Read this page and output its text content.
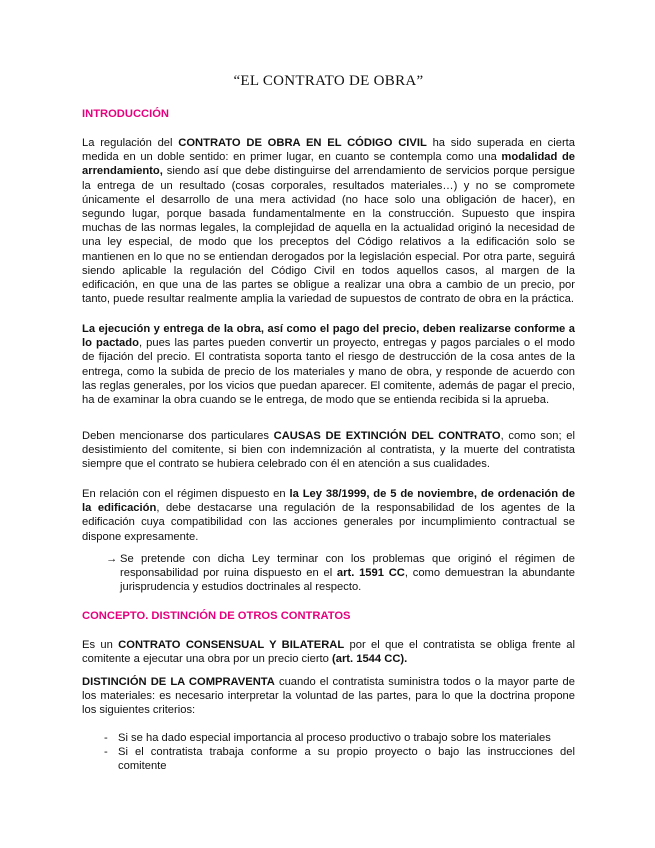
“EL CONTRATO DE OBRA”
INTRODUCCIÓN
La regulación del CONTRATO DE OBRA EN EL CÓDIGO CIVIL ha sido superada en cierta medida en un doble sentido: en primer lugar, en cuanto se contempla como una modalidad de arrendamiento, siendo así que debe distinguirse del arrendamiento de servicios porque persigue la entrega de un resultado (cosas corporales, resultados materiales…) y no se compromete únicamente el desarrollo de una mera actividad (no hace solo una obligación de hacer), en segundo lugar, porque basada fundamentalmente en la construcción. Supuesto que inspira muchas de las normas legales, la complejidad de aquella en la actualidad originó la necesidad de una ley especial, de modo que los preceptos del Código relativos a la edificación solo se mantienen en lo que no se entiendan derogados por la legislación especial. Por otra parte, seguirá siendo aplicable la regulación del Código Civil en todos aquellos casos, al margen de la edificación, en que una de las partes se obligue a realizar una obra a cambio de un precio, por tanto, puede resultar realmente amplia la variedad de supuestos de contrato de obra en la práctica.
La ejecución y entrega de la obra, así como el pago del precio, deben realizarse conforme a lo pactado, pues las partes pueden convertir un proyecto, entregas y pagos parciales o el modo de fijación del precio. El contratista soporta tanto el riesgo de destrucción de la cosa antes de la entrega, como la subida de precio de los materiales y mano de obra, y responde de acuerdo con las reglas generales, por los vicios que puedan aparecer. El comitente, además de pagar el precio, ha de examinar la obra cuando se le entrega, de modo que se entienda recibida si la aprueba.
Deben mencionarse dos particulares CAUSAS DE EXTINCIÓN DEL CONTRATO, como son; el desistimiento del comitente, si bien con indemnización al contratista, y la muerte del contratista siempre que el contrato se hubiera celebrado con él en atención a sus cualidades.
En relación con el régimen dispuesto en la Ley 38/1999, de 5 de noviembre, de ordenación de la edificación, debe destacarse una regulación de la responsabilidad de los agentes de la edificación cuya compatibilidad con las acciones generales por incumplimiento contractual se dispone expresamente.
→ Se pretende con dicha Ley terminar con los problemas que originó el régimen de responsabilidad por ruina dispuesto en el art. 1591 CC, como demuestran la abundante jurisprudencia y estudios doctrinales al respecto.
CONCEPTO. DISTINCIÓN DE OTROS CONTRATOS
Es un CONTRATO CONSENSUAL Y BILATERAL por el que el contratista se obliga frente al comitente a ejecutar una obra por un precio cierto (art. 1544 CC).
DISTINCIÓN DE LA COMPRAVENTA cuando el contratista suministra todos o la mayor parte de los materiales: es necesario interpretar la voluntad de las partes, para lo que la doctrina propone los siguientes criterios:
- Si se ha dado especial importancia al proceso productivo o trabajo sobre los materiales
- Si el contratista trabaja conforme a su propio proyecto o bajo las instrucciones del comitente
